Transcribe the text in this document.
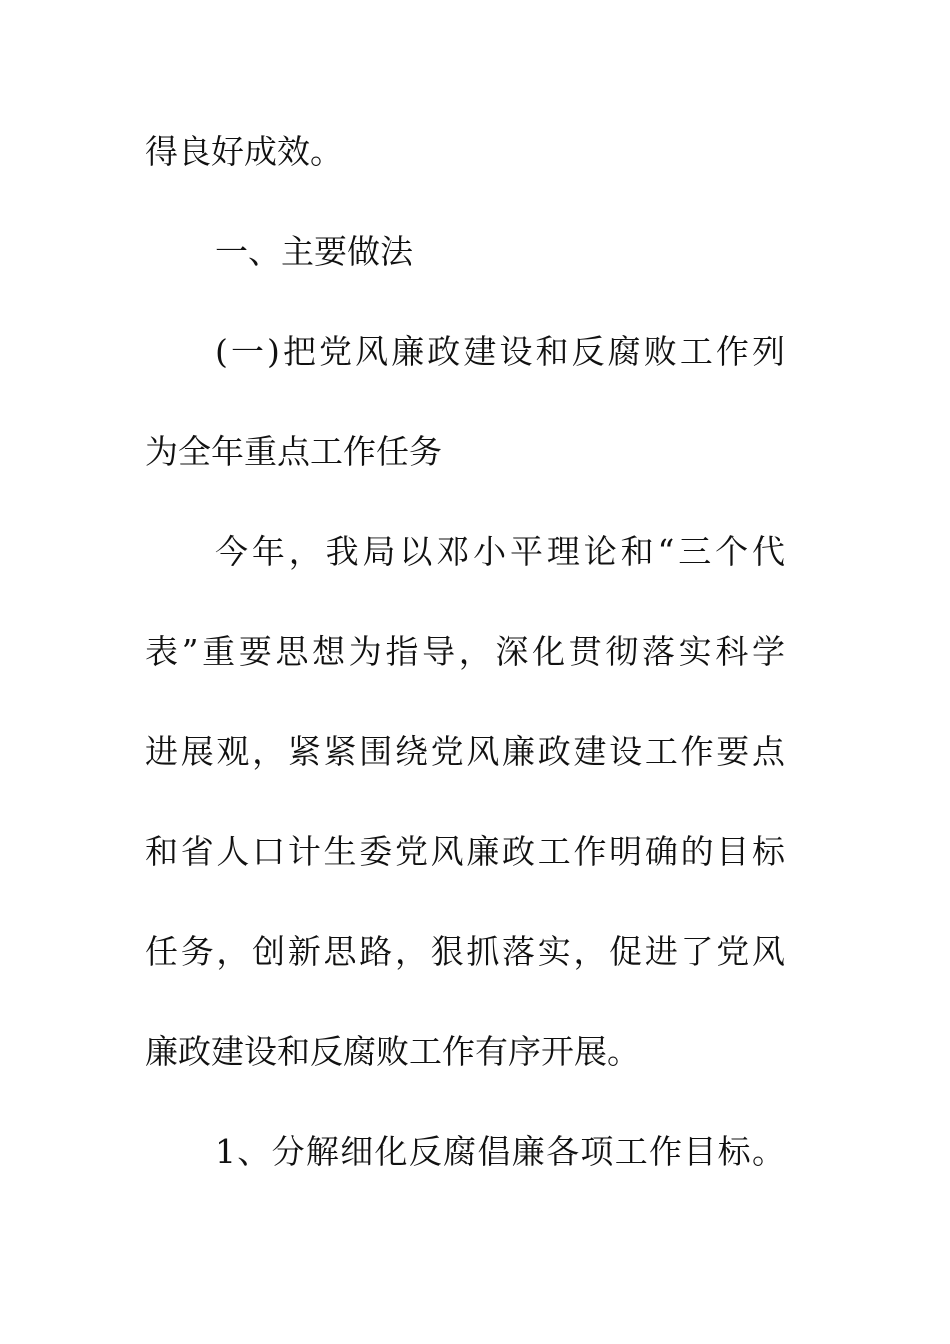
得良好成效。
一、主要做法
(一)把党风廉政建设和反腐败工作列
为全年重点工作任务
今年，我局以邓小平理论和“三个代
表”重要思想为指导，深化贯彻落实科学
进展观，紧紧围绕党风廉政建设工作要点
和省人口计生委党风廉政工作明确的目标
任务，创新思路，狠抓落实，促进了党风
廉政建设和反腐败工作有序开展。
1、分解细化反腐倡廉各项工作目标。
